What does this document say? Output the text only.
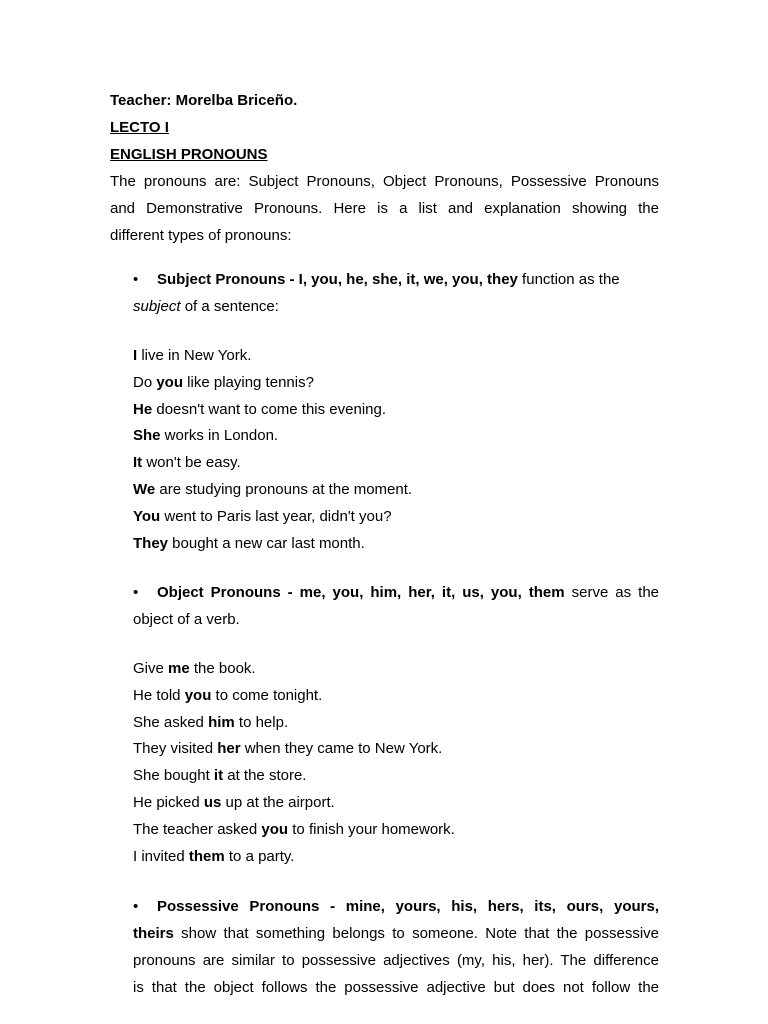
Teacher: Morelba Briceño.
LECTO I
ENGLISH PRONOUNS
The pronouns are: Subject Pronouns, Object Pronouns, Possessive Pronouns
and Demonstrative Pronouns. Here is a list and explanation showing the
different types of pronouns:
• Subject Pronouns - I, you, he, she, it, we, you, they function as the
subject of a sentence:
I live in New York.
Do you like playing tennis?
He doesn't want to come this evening.
She works in London.
It won't be easy.
We are studying pronouns at the moment.
You went to Paris last year, didn't you?
They bought a new car last month.
• Object Pronouns - me, you, him, her, it, us, you, them serve as the
object of a verb.
Give me the book.
He told you to come tonight.
She asked him to help.
They visited her when they came to New York.
She bought it at the store.
He picked us up at the airport.
The teacher asked you to finish your homework.
I invited them to a party.
• Possessive Pronouns - mine, yours, his, hers, its, ours, yours,
theirs show that something belongs to someone. Note that the possessive
pronouns are similar to possessive adjectives (my, his, her). The difference
is that the object follows the possessive adjective but does not follow the
